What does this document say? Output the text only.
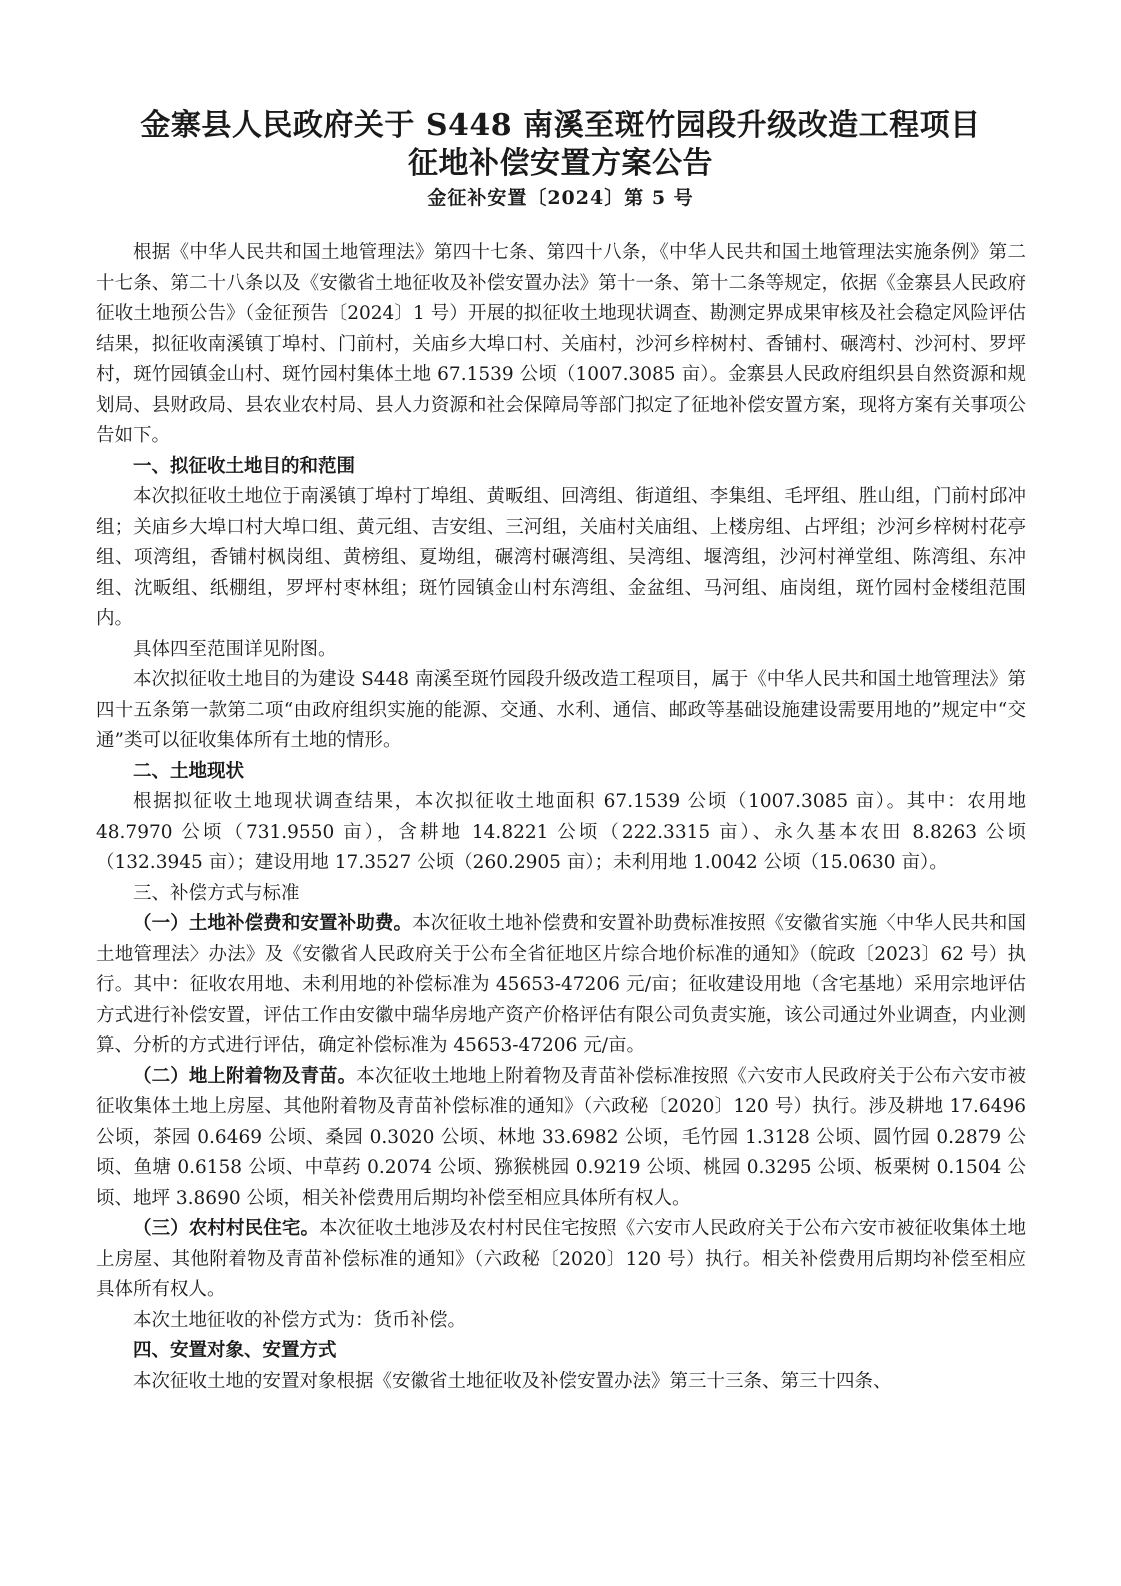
金寨县人民政府关于 S448 南溪至斑竹园段升级改造工程项目
征地补偿安置方案公告
金征补安置〔2024〕第 5 号

根据《中华人民共和国土地管理法》第四十七条、第四十八条，《中华人民共和国土地管理法实施条例》第二十七条、第二十八条以及《安徽省土地征收及补偿安置办法》第十一条、第十二条等规定，依据《金寨县人民政府征收土地预公告》（金征预告〔2024〕1 号）开展的拟征收土地现状调查、勘测定界成果审核及社会稳定风险评估结果，拟征收南溪镇丁埠村、门前村，关庙乡大埠口村、关庙村，沙河乡梓树村、香铺村、碾湾村、沙河村、罗坪村，斑竹园镇金山村、斑竹园村集体土地 67.1539 公顷（1007.3085 亩）。金寨县人民政府组织县自然资源和规划局、县财政局、县农业农村局、县人力资源和社会保障局等部门拟定了征地补偿安置方案，现将方案有关事项公告如下。

一、拟征收土地目的和范围

本次拟征收土地位于南溪镇丁埠村丁埠组、黄畈组、回湾组、街道组、李集组、毛坪组、胜山组，门前村邱冲组；关庙乡大埠口村大埠口组、黄元组、吉安组、三河组，关庙村关庙组、上楼房组、占坪组；沙河乡梓树村花亭组、项湾组，香铺村枫岗组、黄榜组、夏坳组，碾湾村碾湾组、吴湾组、堰湾组，沙河村禅堂组、陈湾组、东冲组、沈畈组、纸棚组，罗坪村枣林组；斑竹园镇金山村东湾组、金盆组、马河组、庙岗组，斑竹园村金楼组范围内。

具体四至范围详见附图。

本次拟征收土地目的为建设 S448 南溪至斑竹园段升级改造工程项目，属于《中华人民共和国土地管理法》第四十五条第一款第二项“由政府组织实施的能源、交通、水利、通信、邮政等基础设施建设需要用地的”规定中“交通”类可以征收集体所有土地的情形。

二、土地现状

根据拟征收土地现状调查结果，本次拟征收土地面积 67.1539 公顷（1007.3085 亩）。其中：农用地 48.7970 公顷（731.9550 亩），含耕地 14.8221 公顷（222.3315 亩）、永久基本农田 8.8263 公顷（132.3945 亩）；建设用地 17.3527 公顷（260.2905 亩）；未利用地 1.0042 公顷（15.0630 亩）。

三、补偿方式与标准

（一）土地补偿费和安置补助费。本次征收土地补偿费和安置补助费标准按照《安徽省实施〈中华人民共和国土地管理法〉办法》及《安徽省人民政府关于公布全省征地区片综合地价标准的通知》（皖政〔2023〕62 号）执行。其中：征收农用地、未利用地的补偿标准为 45653-47206 元/亩；征收建设用地（含宅基地）采用宗地评估方式进行补偿安置，评估工作由安徽中瑞华房地产资产价格评估有限公司负责实施，该公司通过外业调查，内业测算、分析的方式进行评估，确定补偿标准为 45653-47206 元/亩。

（二）地上附着物及青苗。本次征收土地地上附着物及青苗补偿标准按照《六安市人民政府关于公布六安市被征收集体土地上房屋、其他附着物及青苗补偿标准的通知》（六政秘〔2020〕120 号）执行。涉及耕地 17.6496 公顷，茶园 0.6469 公顷、桑园 0.3020 公顷、林地 33.6982 公顷，毛竹园 1.3128 公顷、圆竹园 0.2879 公顷、鱼塘 0.6158 公顷、中草药 0.2074 公顷、猕猴桃园 0.9219 公顷、桃园 0.3295 公顷、板栗树 0.1504 公顷、地坪 3.8690 公顷，相关补偿费用后期均补偿至相应具体所有权人。

（三）农村村民住宅。本次征收土地涉及农村村民住宅按照《六安市人民政府关于公布六安市被征收集体土地上房屋、其他附着物及青苗补偿标准的通知》（六政秘〔2020〕120 号）执行。相关补偿费用后期均补偿至相应具体所有权人。

本次土地征收的补偿方式为：货币补偿。

四、安置对象、安置方式

本次征收土地的安置对象根据《安徽省土地征收及补偿安置办法》第三十三条、第三十四条、
